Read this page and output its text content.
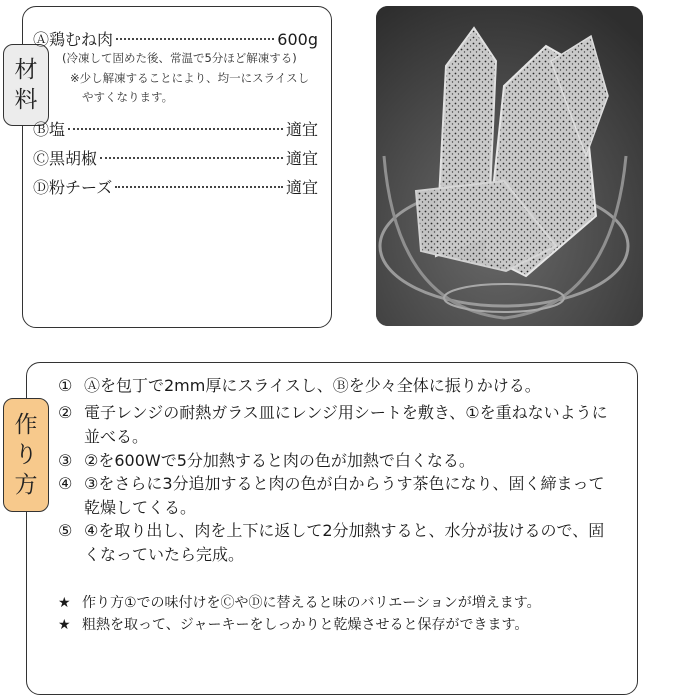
材
料
Ⓐ鶏むね肉	600g
(冷凍して固めた後、常温で5分ほど解凍する)
※少し解凍することにより、均一にスライスし
やすくなります。
Ⓑ塩	適宜
Ⓒ黒胡椒	適宜
Ⓓ粉チーズ	適宜
作
り
方
① Ⓐを包丁で2mm厚にスライスし、Ⓑを少々全体に振りかける。
② 電子レンジの耐熱ガラス皿にレンジ用シートを敷き、①を重ねないように並べる。
③ ②を600Wで5分加熱すると肉の色が加熱で白くなる。
④ ③をさらに3分追加すると肉の色が白からうす茶色になり、固く締まって乾燥してくる。
⑤ ④を取り出し、肉を上下に返して2分加熱すると、水分が抜けるので、固くなっていたら完成。
★ 作り方①での味付けをⒸやⒹに替えると味のバリエーションが増えます。
★ 粗熱を取って、ジャーキーをしっかりと乾燥させると保存ができます。
